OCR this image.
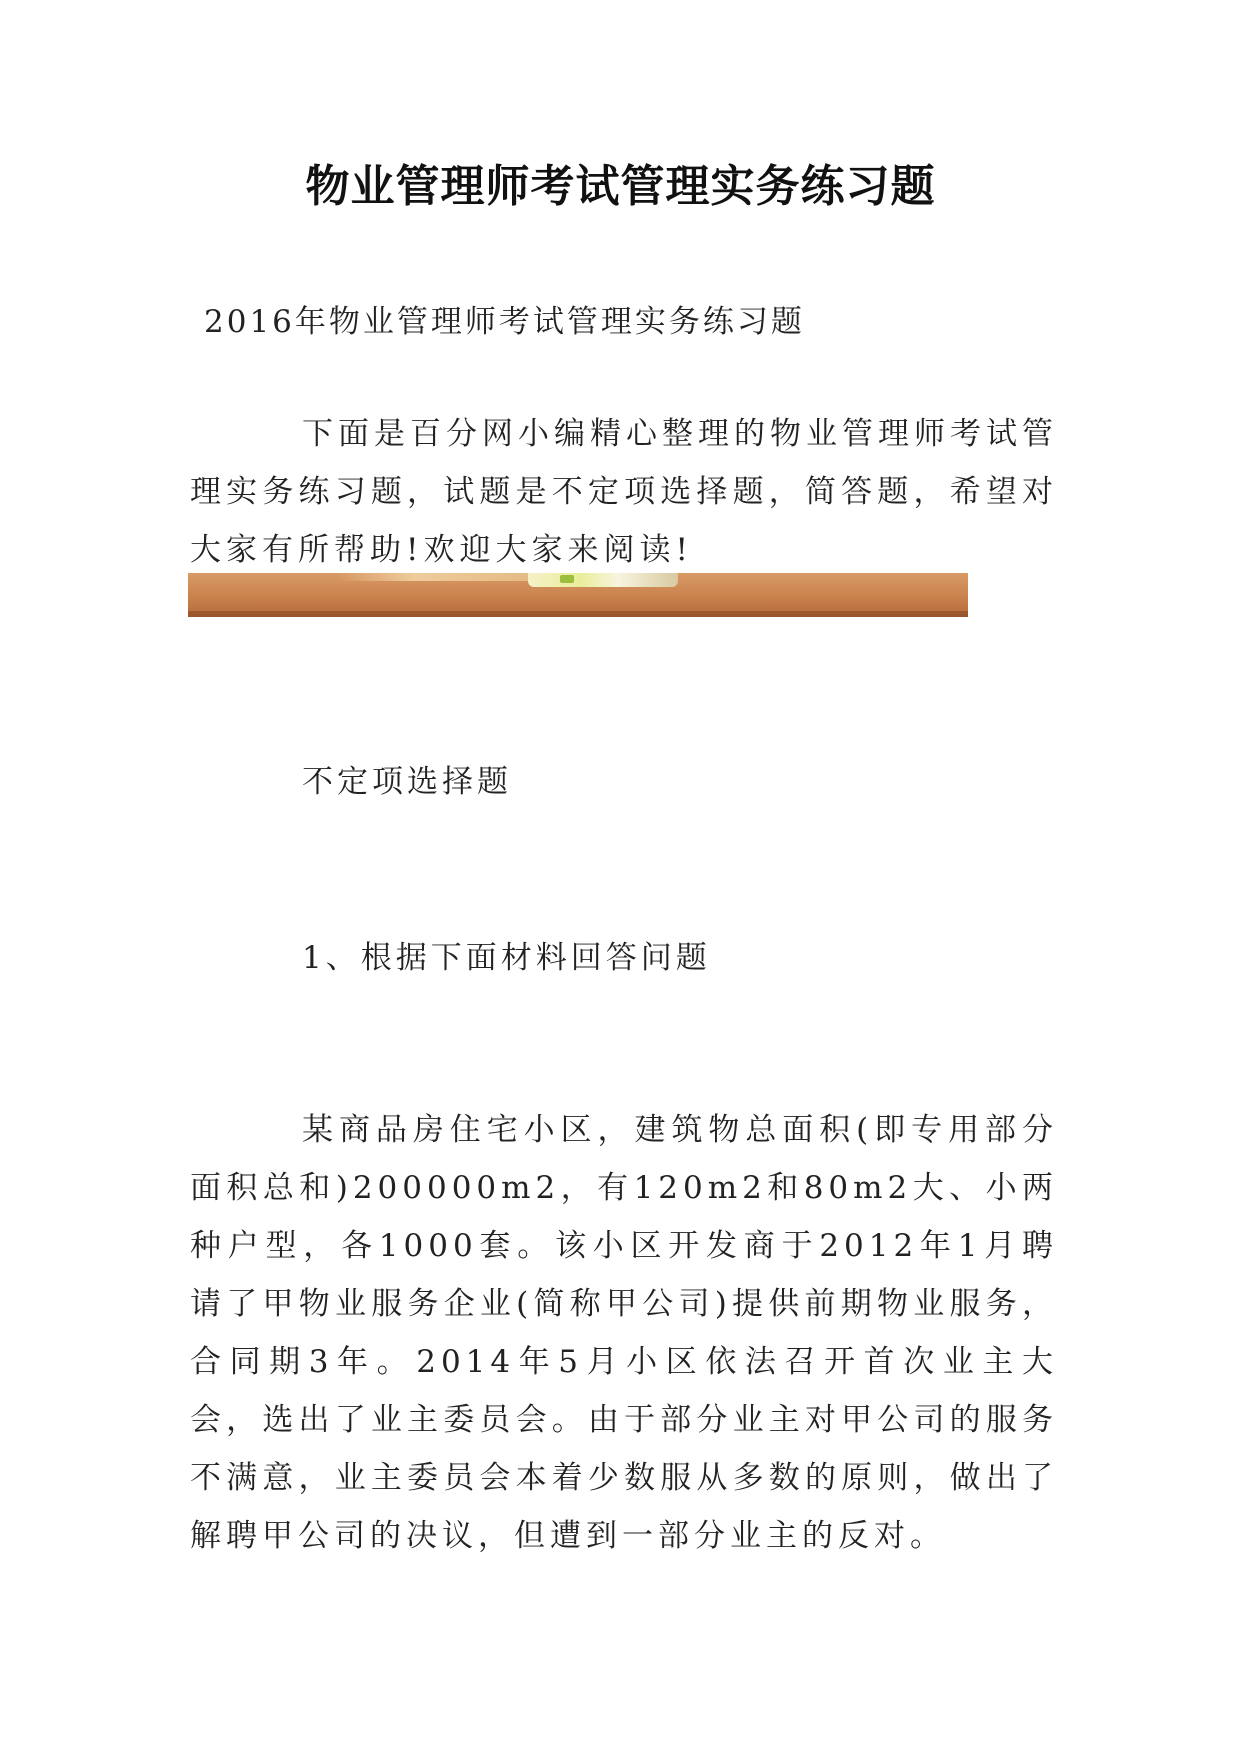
物业管理师考试管理实务练习题
2016年物业管理师考试管理实务练习题

下面是百分网小编精心整理的物业管理师考试管理实务练习题，试题是不定项选择题，简答题，希望对大家有所帮助!欢迎大家来阅读!

不定项选择题
1、根据下面材料回答问题

某商品房住宅小区，建筑物总面积(即专用部分面积总和)200000m2，有120m2和80m2大、小两种户型，各1000套。该小区开发商于2012年1月聘请了甲物业服务企业(简称甲公司)提供前期物业服务，合同期3年。2014年5月小区依法召开首次业主大会，选出了业主委员会。由于部分业主对甲公司的服务不满意，业主委员会本着少数服从多数的原则，做出了解聘甲公司的决议，但遭到一部分业主的反对。
